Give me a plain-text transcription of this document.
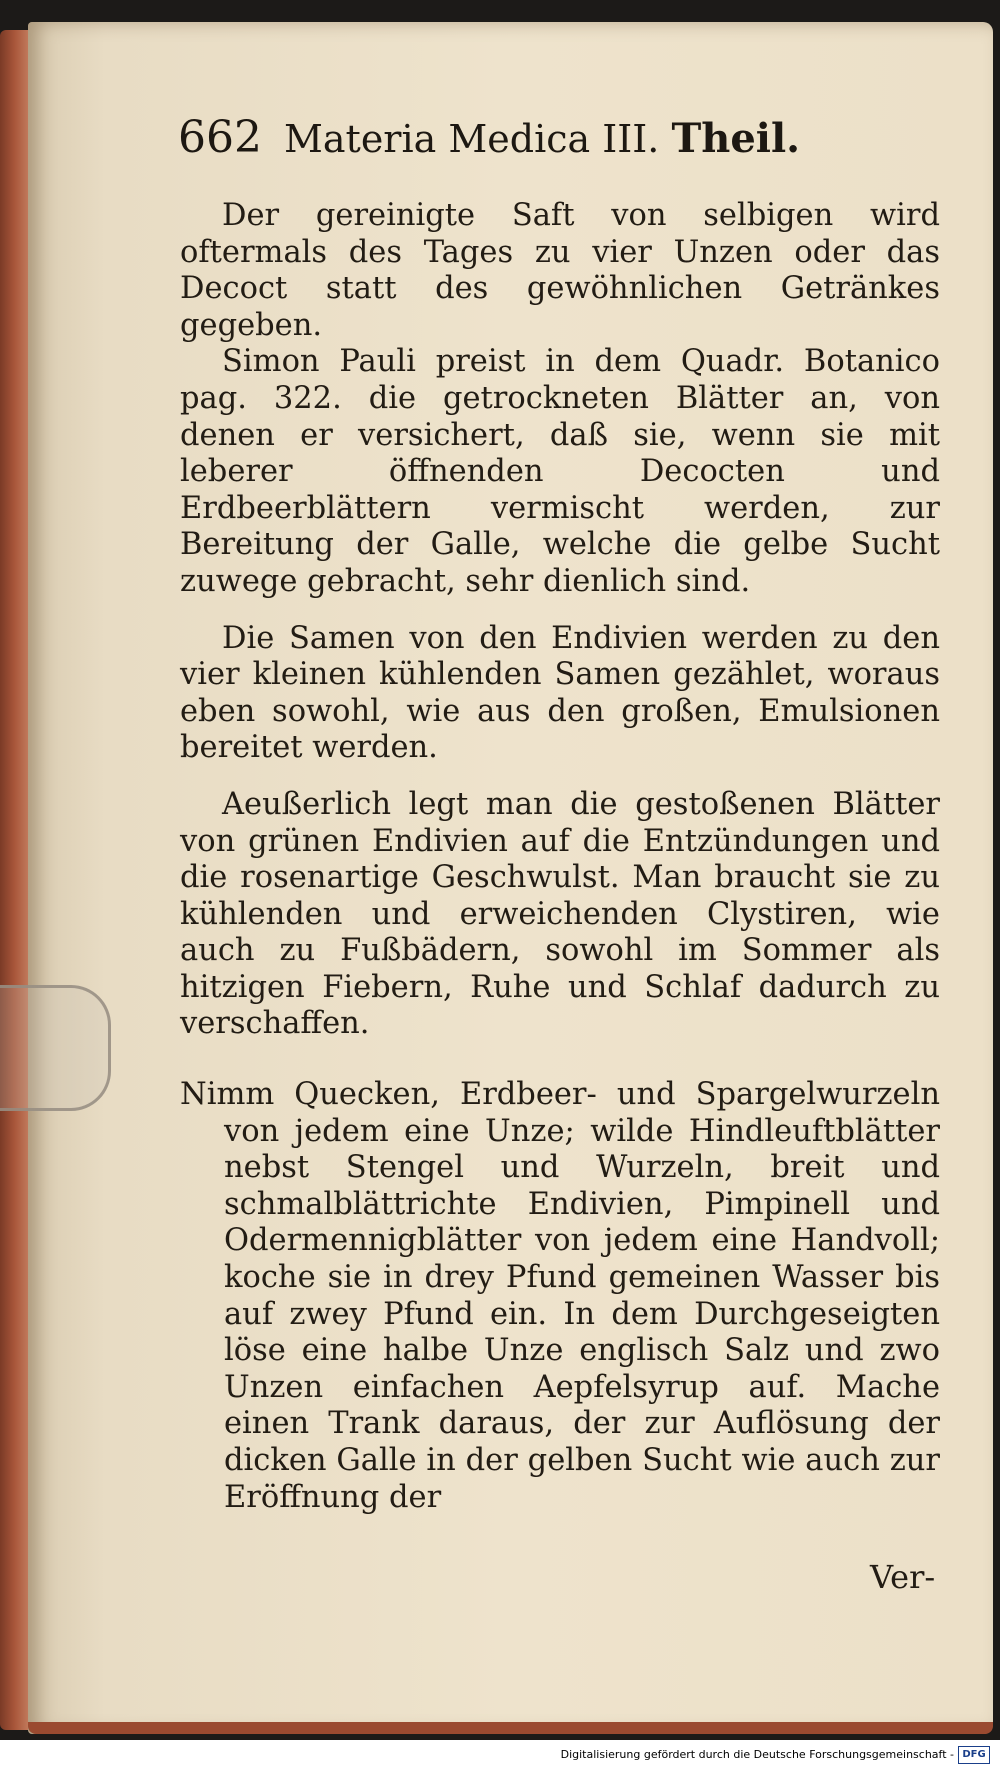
662 Materia Medica III. Theil.

Der gereinigte Saft von selbigen wird oftermals des Tages zu vier Unzen oder das Decoct statt des gewöhnlichen Getränkes gegeben.

Simon Pauli preist in dem Quadr. Botanico pag. 322. die getrockneten Blätter an, von denen er versichert, daß sie, wenn sie mit leberer öffnenden Decocten und Erdbeerblättern vermischt werden, zur Bereitung der Galle, welche die gelbe Sucht zuwege gebracht, sehr dienlich sind.

Die Samen von den Endivien werden zu den vier kleinen kühlenden Samen gezählet, woraus eben sowohl, wie aus den großen, Emulsionen bereitet werden.

Aeußerlich legt man die gestoßenen Blätter von grünen Endivien auf die Entzündungen und die rosenartige Geschwulst. Man braucht sie zu kühlenden und erweichenden Clystiren, wie auch zu Fußbädern, sowohl im Sommer als hitzigen Fiebern, Ruhe und Schlaf dadurch zu verschaffen.

Nimm Quecken, Erdbeer- und Spargelwurzeln von jedem eine Unze; wilde Hindleuftblätter nebst Stengel und Wurzeln, breit und schmalblättrichte Endivien, Pimpinell und Odermennigblätter von jedem eine Handvoll; koche sie in drey Pfund gemeinen Wasser bis auf zwey Pfund ein. In dem Durchgeseigten löse eine halbe Unze englisch Salz und zwo Unzen einfachen Aepfelsyrup auf. Mache einen Trank daraus, der zur Auflösung der dicken Galle in der gelben Sucht wie auch zur Eröffnung der

Ver-
Digitalisierung gefördert durch die Deutsche Forschungsgemeinschaft - DFG
